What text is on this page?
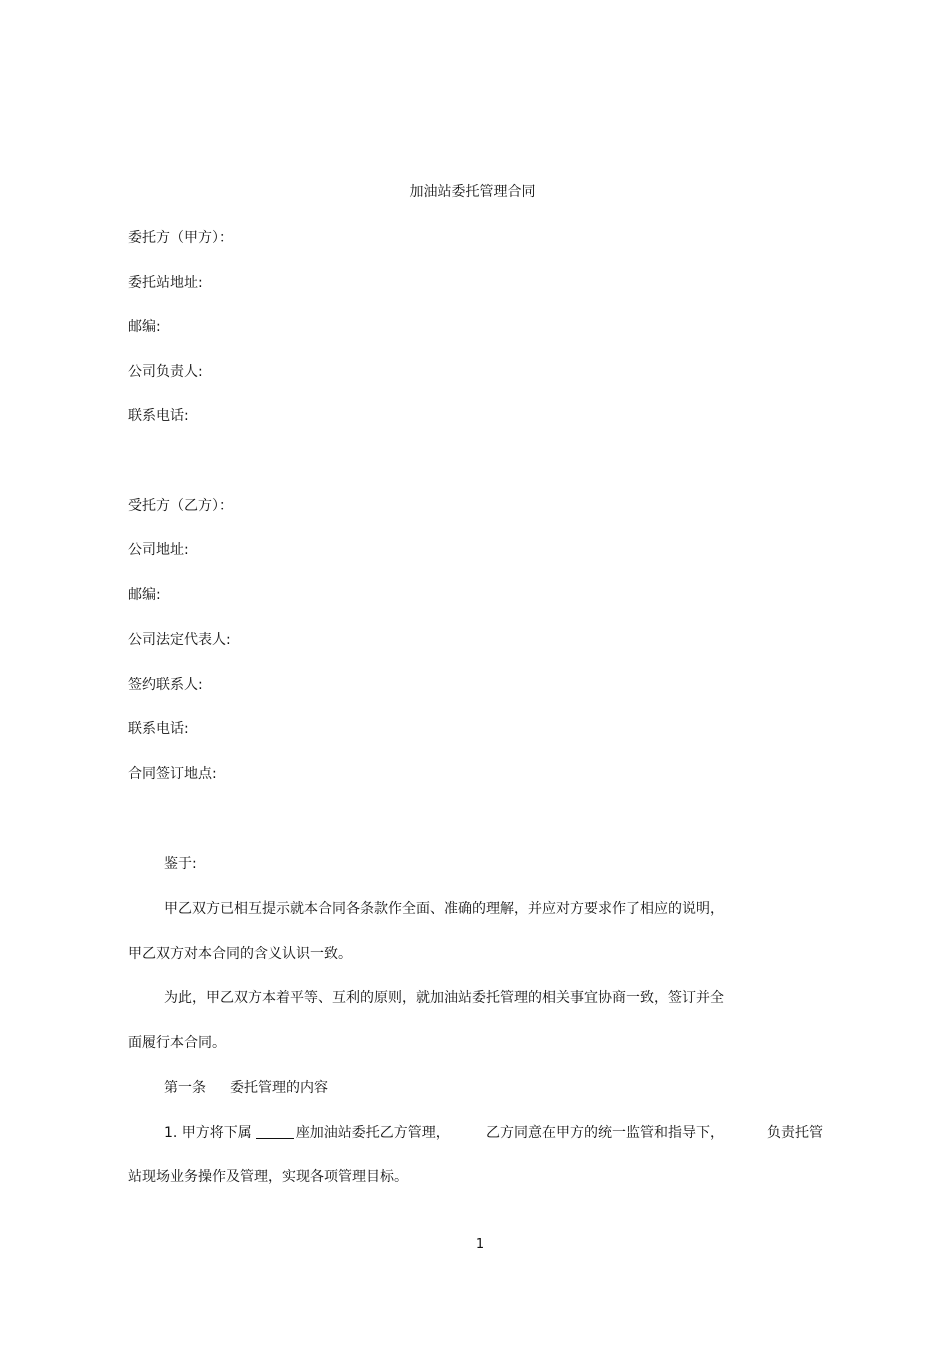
加油站委托管理合同
委托方（甲方）：
委托站地址:
邮编:
公司负责人:
联系电话:
受托方（乙方）：
公司地址:
邮编:
公司法定代表人:
签约联系人:
联系电话:
合同签订地点:
鉴于:
甲乙双方已相互提示就本合同各条款作全面、准确的理解，并应对方要求作了相应的说明，
甲乙双方对本合同的含义认识一致。
为此，甲乙双方本着平等、互利的原则，就加油站委托管理的相关事宜协商一致，签订并全
面履行本合同。
第一条 委托管理的内容
1. 甲方将下属	座加油站委托乙方管理，	乙方同意在甲方的统一监管和指导下，	负责托管
站现场业务操作及管理，实现各项管理目标。
1
